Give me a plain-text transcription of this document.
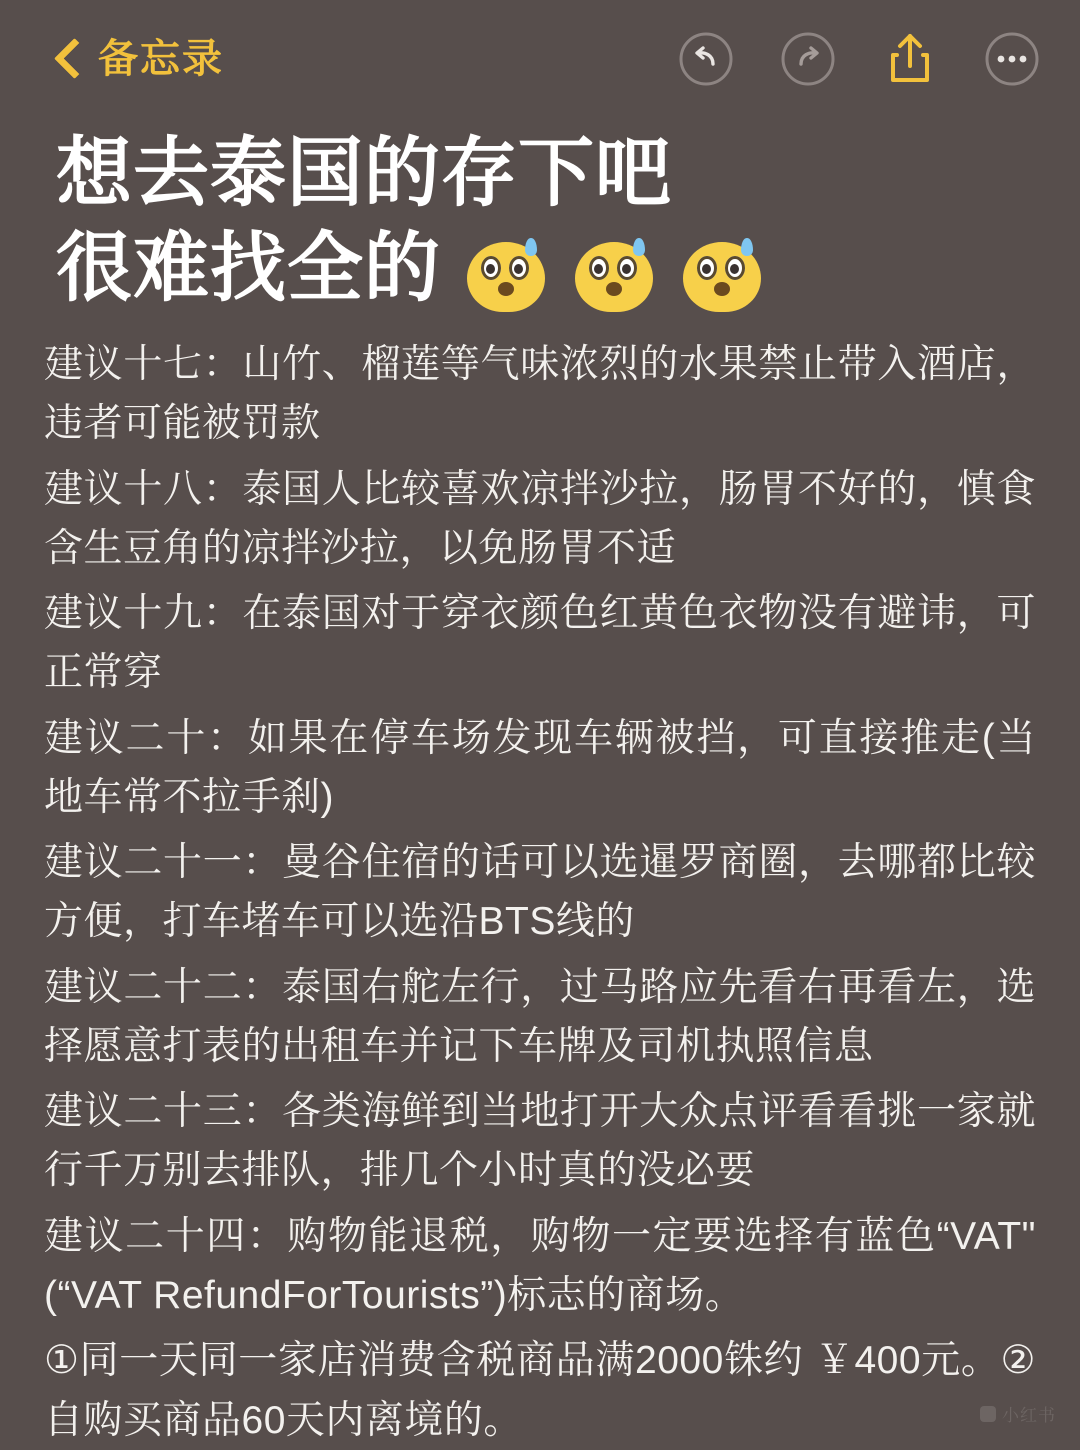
备忘录
想去泰国的存下吧
很难找全的

建议十七：山竹、榴莲等气味浓烈的水果禁止带入酒店，违者可能被罚款

建议十八：泰国人比较喜欢凉拌沙拉，肠胃不好的，慎食含生豆角的凉拌沙拉，以免肠胃不适

建议十九：在泰国对于穿衣颜色红黄色衣物没有避讳，可正常穿

建议二十：如果在停车场发现车辆被挡，可直接推走(当地车常不拉手刹)

建议二十一：曼谷住宿的话可以选暹罗商圈，去哪都比较方便，打车堵车可以选沿BTS线的

建议二十二：泰国右舵左行，过马路应先看右再看左，选择愿意打表的出租车并记下车牌及司机执照信息

建议二十三：各类海鲜到当地打开大众点评看看挑一家就行千万别去排队，排几个小时真的没必要

建议二十四：购物能退税，购物一定要选择有蓝色“VAT"(“VAT RefundForTourists”)标志的商场。

①同一天同一家店消费含税商品满2000铢约 ￥400元。②自购买商品60天内离境的。	小红书
